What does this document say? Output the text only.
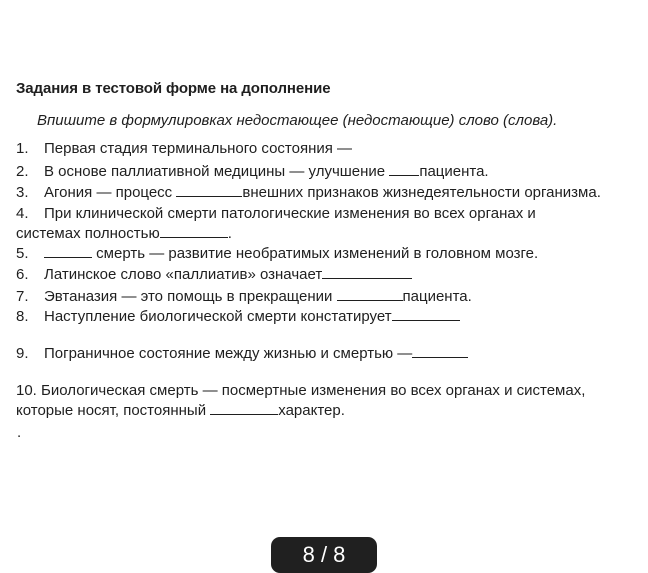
Задания в тестовой форме на дополнение
Впишите в формулировках недостающее (недостающие) слово (слова).
1. Первая стадия терминального состояния —
2. В основе паллиативной медицины — улучшение пациента.
3. Агония — процесс	внешних признаков жизнедеятельности организма.
4. При клинической смерти патологические изменения во всех органах и
системах полностью	.
5.	смерть — развитие необратимых изменений в головном мозге.
6. Латинское слово «паллиатив» означает
7. Эвтаназия — это помощь в прекращении	пациента.
8. Наступление биологической смерти констатирует
9. Пограничное состояние между жизнью и смертью —
10. Биологическая смерть — посмертные изменения во всех органах и системах,
которые носят, постоянный	характер.
.
8 / 8
